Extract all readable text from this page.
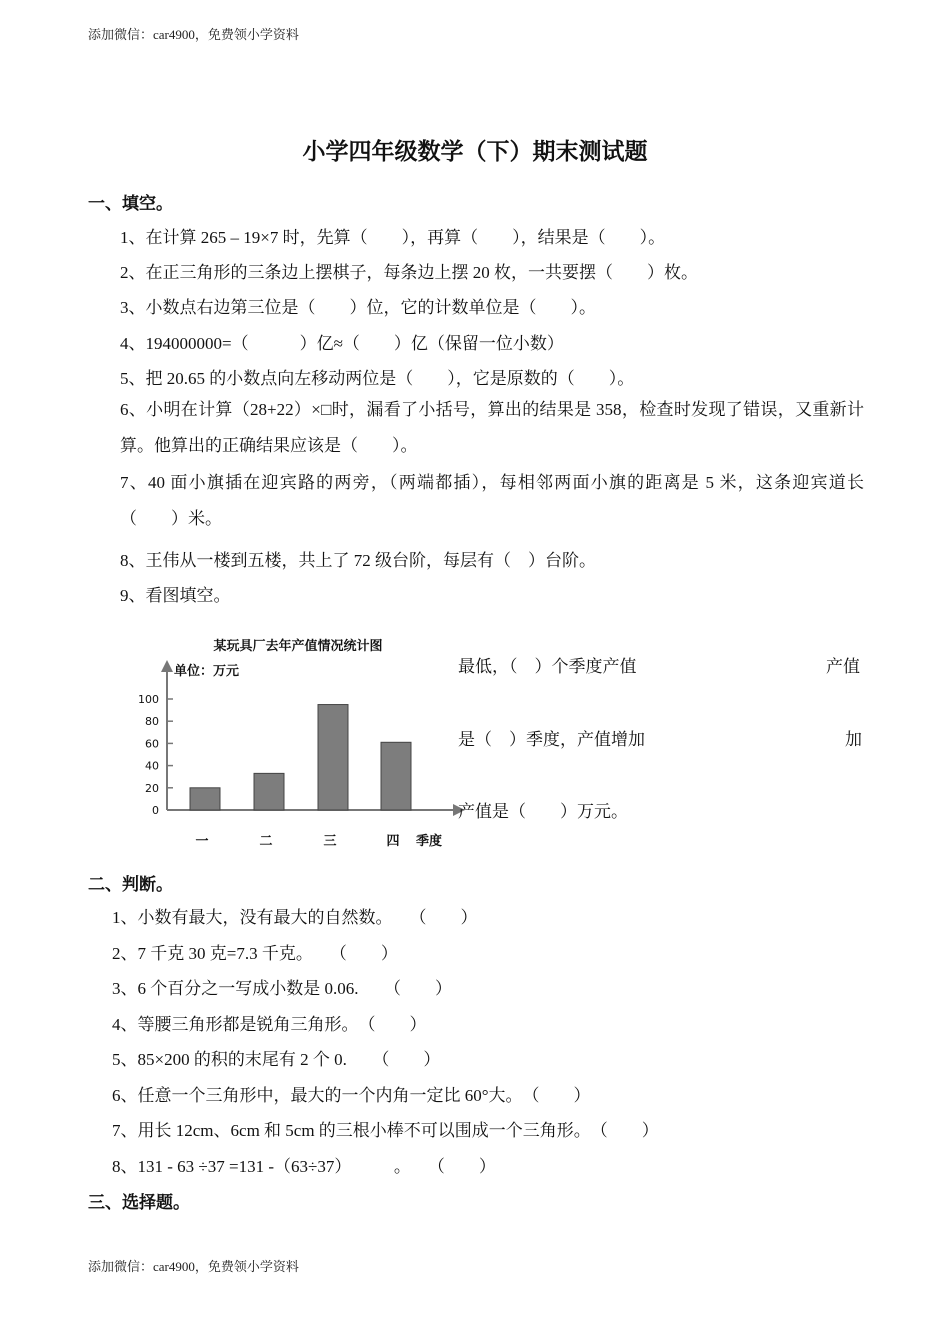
添加微信：car4900，免费领小学资料
小学四年级数学（下）期末测试题
一、填空。
1、在计算 265 – 19×7 时，先算（　　），再算（　　），结果是（　　）。
2、在正三角形的三条边上摆棋子，每条边上摆 20 枚，一共要摆（　　）枚。
3、小数点右边第三位是（　　）位，它的计数单位是（　　）。
4、194000000=（　　　）亿≈（　　）亿（保留一位小数）
5、把 20.65 的小数点向左移动两位是（　　），它是原数的（　　）。
6、小明在计算（28+22）×□时，漏看了小括号，算出的结果是 358，检查时发现了错误，又重新计算。他算出的正确结果应该是（　　）。
7、40 面小旗插在迎宾路的两旁，（两端都插），每相邻两面小旗的距离是 5 米，这条迎宾道长（　　）米。
8、王伟从一楼到五楼，共上了 72 级台阶，每层有（　）台阶。
9、看图填空。
某玩具厂去年产值情况统计图
单位：万元
0
20
40
60
80
100
一	二	三	四 季度
最低，（　）个季度产值	产值
是（　）季度，产值增加	加
产值是（　　）万元。
二、判断。
1、小数有最大，没有最大的自然数。　　（　　）
2、7 千克 30 克=7.3 千克。　　（　　）
3、6 个百分之一写成小数是 0.06.　　（　　）
4、等腰三角形都是锐角三角形。　（　　）
5、85×200 的积的末尾有 2 个 0.　　（　　）
6、任意一个三角形中，最大的一个内角一定比 60°大。　（　　）
7、用长 12cm、6cm 和 5cm 的三根小棒不可以围成一个三角形。　（　　）
8、131 - 63 ÷37 =131 -（63÷37）　　　。　　（　　）
三、选择题。
添加微信：car4900，免费领小学资料
